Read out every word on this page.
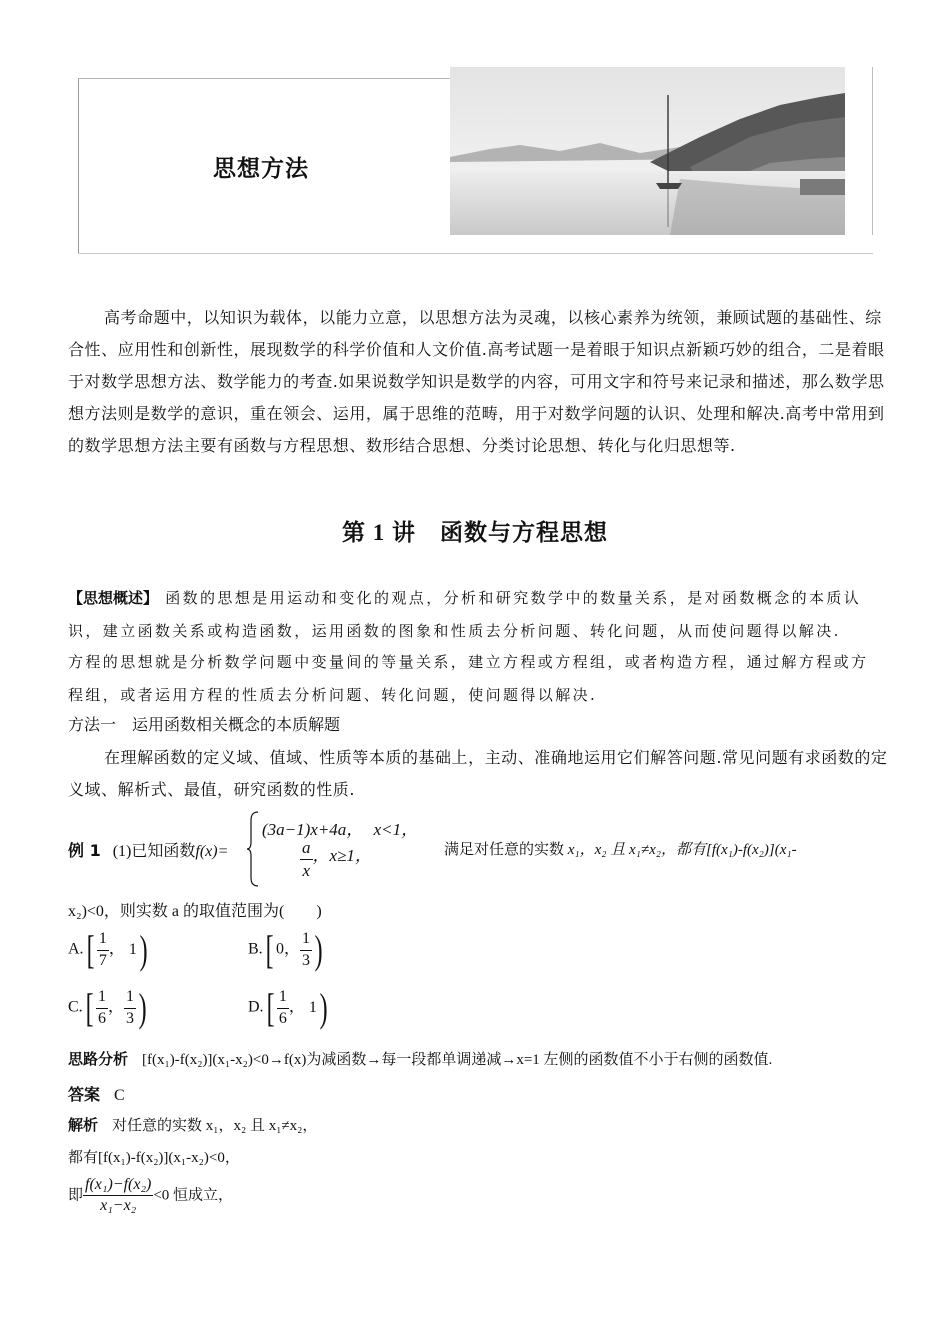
思想方法
高考命题中，以知识为载体，以能力立意，以思想方法为灵魂，以核心素养为统领，兼顾试题的基础性、综合性、应用性和创新性，展现数学的科学价值和人文价值.高考试题一是着眼于知识点新颖巧妙的组合，二是着眼于对数学思想方法、数学能力的考查.如果说数学知识是数学的内容，可用文字和符号来记录和描述，那么数学思想方法则是数学的意识，重在领会、运用，属于思维的范畴，用于对数学问题的认识、处理和解决.高考中常用到的数学思想方法主要有函数与方程思想、数形结合思想、分类讨论思想、转化与化归思想等.
第 1 讲　函数与方程思想
【思想概述】 函数的思想是用运动和变化的观点，分析和研究数学中的数量关系，是对函数概念的本质认识，建立函数关系或构造函数，运用函数的图象和性质去分析问题、转化问题，从而使问题得以解决.
方程的思想就是分析数学问题中变量间的等量关系，建立方程或方程组，或者构造方程，通过解方程或方程组，或者运用方程的性质去分析问题、转化问题，使问题得以解决.
方法一　运用函数相关概念的本质解题
在理解函数的定义域、值域、性质等本质的基础上，主动、准确地运用它们解答问题.常见问题有求函数的定义域、解析式、最值，研究函数的性质.
例 1 (1)已知函数f(x)=
(3a−1)x+4a， x<1，
$\frac{a}{x}$ ，x≥1，	满足对任意的实数 x₁，x₂ 且 x₁≠x₂，都有[f(x₁)-f(x₂)](x₁-
x₂)<0，则实数 a 的取值范围为(　　)
$A.[ \frac{1}{7}$ ， 1)	B.[ 0， $\frac{1}{3}$ )
$C.[ \frac{1}{6}$ ， $\frac{1}{3}$ )	$D.[ \frac{1}{6}$ ， 1)
思路分析 [f(x₁)-f(x₂)](x₁-x₂)<0→f(x)为减函数→每一段都单调递减→x=1 左侧的函数值不小于右侧的函数值.
答案 C
解析 对任意的实数 x₁，x₂ 且 x₁≠x₂，
都有[f(x₁)-f(x₂)](x₁-x₂)<0，
即 $\frac{\text{f(x₁)−f(x₂)}}{\text{x₁−x₂}} <0$ 恒成立，
